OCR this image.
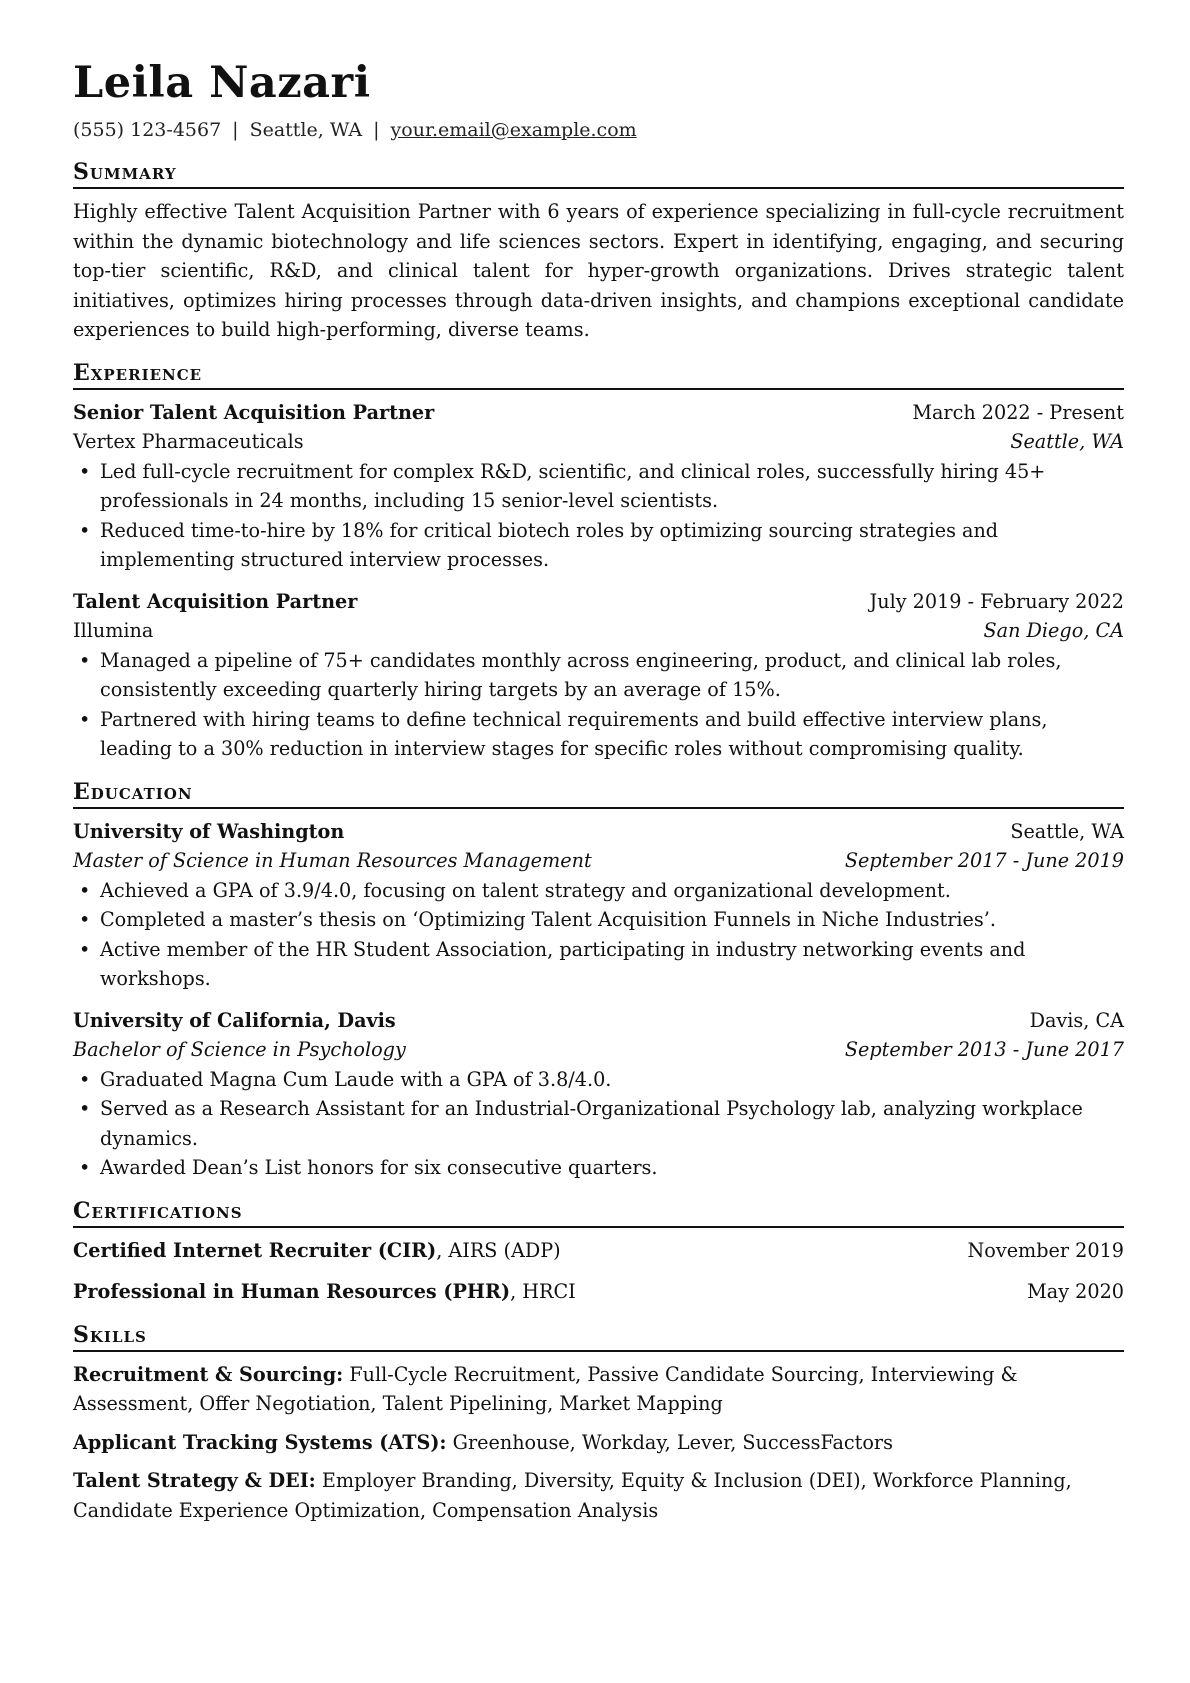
Leila Nazari
(555) 123-4567 | Seattle, WA | your.email@example.com
Summary
Highly effective Talent Acquisition Partner with 6 years of experience specializing in full-cycle recruitment within the dynamic biotechnology and life sciences sectors. Expert in identifying, engaging, and securing top-tier scientific, R&D, and clinical talent for hyper-growth organizations. Drives strategic talent initiatives, optimizes hiring processes through data-driven insights, and champions exceptional candidate experiences to build high-performing, diverse teams.
Experience
Senior Talent Acquisition Partner	March 2022 - Present
Vertex Pharmaceuticals	Seattle, WA
• Led full-cycle recruitment for complex R&D, scientific, and clinical roles, successfully hiring 45+ professionals in 24 months, including 15 senior-level scientists.
• Reduced time-to-hire by 18% for critical biotech roles by optimizing sourcing strategies and implementing structured interview processes.
Talent Acquisition Partner	July 2019 - February 2022
Illumina	San Diego, CA
• Managed a pipeline of 75+ candidates monthly across engineering, product, and clinical lab roles, consistently exceeding quarterly hiring targets by an average of 15%.
• Partnered with hiring teams to define technical requirements and build effective interview plans, leading to a 30% reduction in interview stages for specific roles without compromising quality.
Education
University of Washington	Seattle, WA
Master of Science in Human Resources Management	September 2017 - June 2019
• Achieved a GPA of 3.9/4.0, focusing on talent strategy and organizational development.
• Completed a master’s thesis on ‘Optimizing Talent Acquisition Funnels in Niche Industries’.
• Active member of the HR Student Association, participating in industry networking events and workshops.
University of California, Davis	Davis, CA
Bachelor of Science in Psychology	September 2013 - June 2017
• Graduated Magna Cum Laude with a GPA of 3.8/4.0.
• Served as a Research Assistant for an Industrial-Organizational Psychology lab, analyzing workplace dynamics.
• Awarded Dean’s List honors for six consecutive quarters.
Certifications
Certified Internet Recruiter (CIR), AIRS (ADP)	November 2019
Professional in Human Resources (PHR), HRCI	May 2020
Skills
Recruitment & Sourcing: Full-Cycle Recruitment, Passive Candidate Sourcing, Interviewing & Assessment, Offer Negotiation, Talent Pipelining, Market Mapping
Applicant Tracking Systems (ATS): Greenhouse, Workday, Lever, SuccessFactors
Talent Strategy & DEI: Employer Branding, Diversity, Equity & Inclusion (DEI), Workforce Planning, Candidate Experience Optimization, Compensation Analysis
